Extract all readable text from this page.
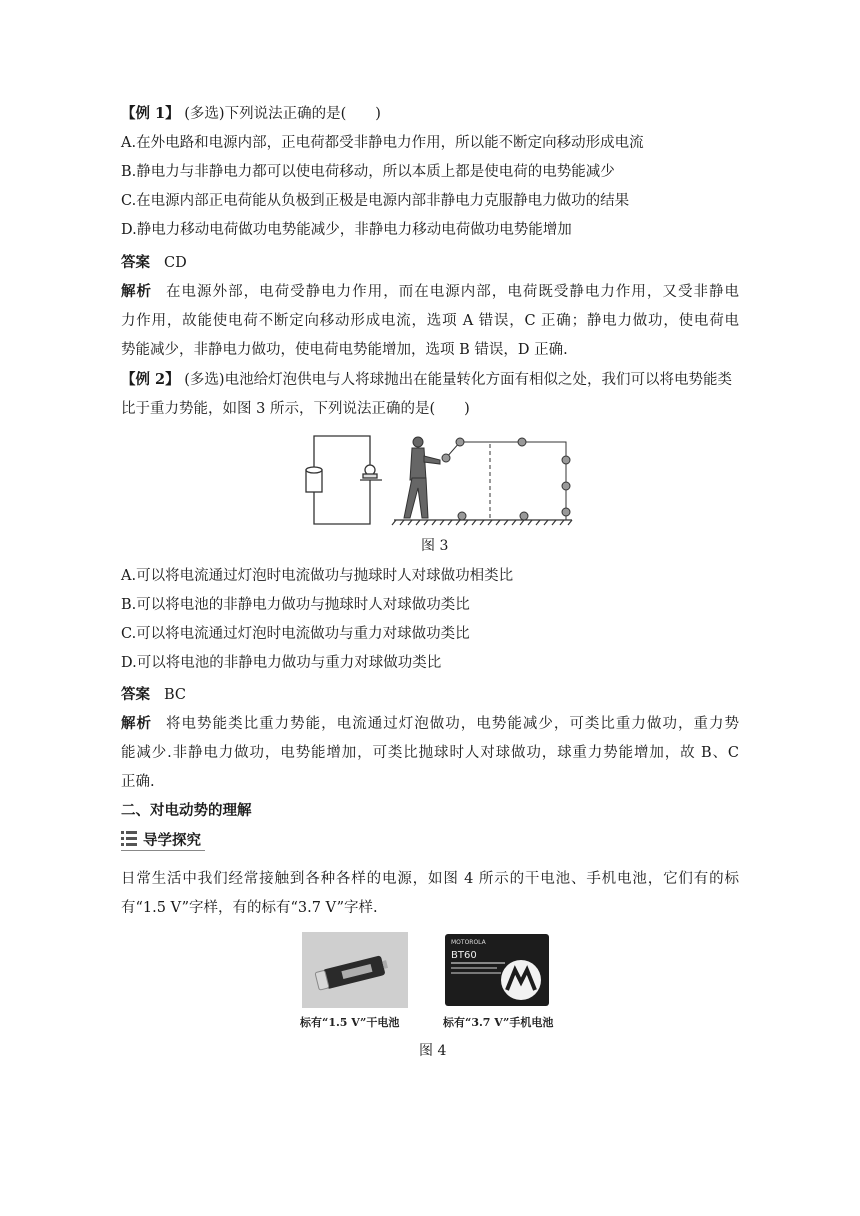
【例 1】 (多选)下列说法正确的是(　　)
A.在外电路和电源内部，正电荷都受非静电力作用，所以能不断定向移动形成电流
B.静电力与非静电力都可以使电荷移动，所以本质上都是使电荷的电势能减少
C.在电源内部正电荷能从负极到正极是电源内部非静电力克服静电力做功的结果
D.静电力移动电荷做功电势能减少，非静电力移动电荷做功电势能增加
答案 CD
解析 在电源外部，电荷受静电力作用，而在电源内部，电荷既受静电力作用，又受非静电
力作用，故能使电荷不断定向移动形成电流，选项 A 错误，C 正确；静电力做功，使电荷电
势能减少，非静电力做功，使电荷电势能增加，选项 B 错误，D 正确.
【例 2】 (多选)电池给灯泡供电与人将球抛出在能量转化方面有相似之处，我们可以将电势能类
比于重力势能，如图 3 所示，下列说法正确的是(　　)
图 3
A.可以将电流通过灯泡时电流做功与抛球时人对球做功相类比
B.可以将电池的非静电力做功与抛球时人对球做功类比
C.可以将电流通过灯泡时电流做功与重力对球做功类比
D.可以将电池的非静电力做功与重力对球做功类比
答案 BC
解析 将电势能类比重力势能，电流通过灯泡做功，电势能减少，可类比重力做功，重力势
能减少.非静电力做功，电势能增加，可类比抛球时人对球做功，球重力势能增加，故 B、C
正确.
二、对电动势的理解
导学探究
日常生活中我们经常接触到各种各样的电源，如图 4 所示的干电池、手机电池，它们有的标
有“1.5 V”字样，有的标有“3.7 V”字样.
MOTOROLA
BT60
标有“1.5 V”干电池	标有“3.7 V”手机电池
图 4
